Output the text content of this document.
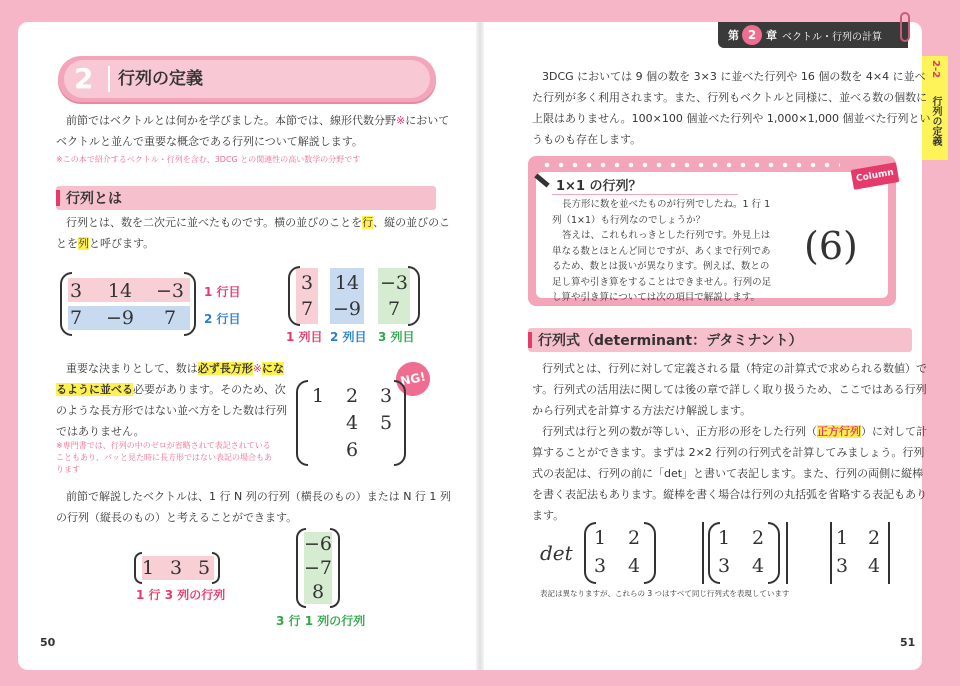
第 2 章 ベクトル・行列の計算
2-2
行列の定義
2 行列の定義
前節ではベクトルとは何かを学びました。本節では、線形代数分野※において
ベクトルと並んで重要な概念である行列について解説します。
※この本で紹介するベクトル・行列を含む、3DCG との関連性の高い数学の分野です
行列とは
行列とは、数を二次元に並べたものです。横の並びのことを行、縦の並びのこ
とを列と呼びます。
3	14 −3
7	−9	7
1 行目
2 行目
3	14 −3
7	−9	7
1 列目 2 列目 3 列目
重要な決まりとして、数は必ず長方形※にな
るように並べる必要があります。そのため、次
のような長方形ではない並べ方をした数は行列
ではありません。
※専門書では、行列の中のゼロが省略されて表記されている
こともあり、パッと見た時に長方形ではない表記の場合もあ
ります
NG!
1	2	3
4	5
6
前節で解説したベクトルは、1 行 N 列の行列（横長のもの）または N 行 1 列
の行列（縦長のもの）と考えることができます。
1 3 5
1 行 3 列の行列
−6
−7
8
3 行 1 列の行列
50
3DCG においては 9 個の数を 3×3 に並べた行列や 16 個の数を 4×4 に並べ
た行列が多く利用されます。また、行列もベクトルと同様に、並べる数の個数に
上限はありません。100×100 個並べた行列や 1,000×1,000 個並べた行列とい
うものも存在します。
Column
1×1 の行列？
長方形に数を並べたものが行列でしたね。1 行 1
列（1×1）も行列なのでしょうか？
答えは、これもれっきとした行列です。外見上は
単なる数とほとんど同じですが、あくまで行列であ
るため、数とは扱いが異なります。例えば、数との
足し算や引き算をすることはできません。行列の足
し算や引き算については次の項目で解説します。
(6)
行列式（determinant：デタミナント）
行列式とは、行列に対して定義される量（特定の計算式で求められる数値）で
す。行列式の活用法に関しては後の章で詳しく取り扱うため、ここではある行列
から行列式を計算する方法だけ解説します。
行列式は行と列の数が等しい、正方形の形をした行列（正方行列）に対して計
算することができます。まずは 2×2 行列の行列式を計算してみましょう。行列
式の表記は、行列の前に「det」と書いて表記します。また、行列の両側に縦棒
を書く表記法もあります。縦棒を書く場合は行列の丸括弧を省略する表記もあり
ます。
det
1	2
3	4
1	2
3	4
1	2
3	4
表記は異なりますが、これらの 3 つはすべて同じ行列式を表現しています
51
